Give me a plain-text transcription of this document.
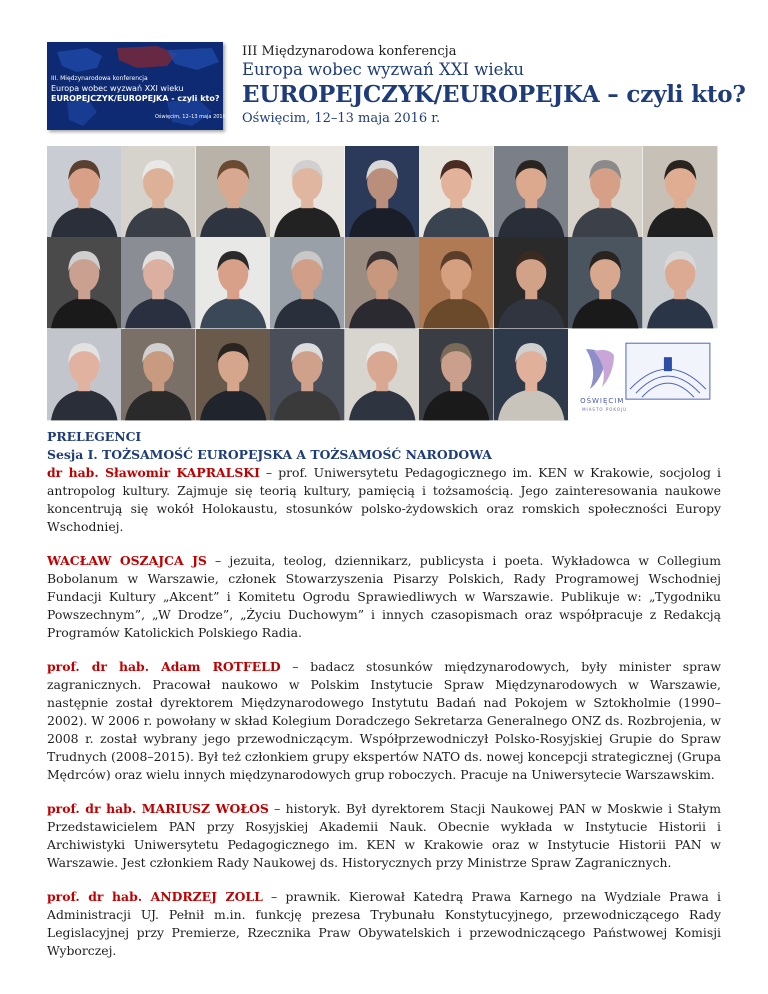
III. Międzynarodowa konferencja
Europa wobec wyzwań XXI wieku
EUROPEJCZYK/EUROPEJKA - czyli kto?
Oświęcim, 12–13 maja 2016 r.
III Międzynarodowa konferencja
Europa wobec wyzwań XXI wieku
EUROPEJCZYK/EUROPEJKA – czyli kto?
Oświęcim, 12–13 maja 2016 r.
OŚWIĘCIM
MIASTO POKOJU
PRELEGENCI
Sesja I. TOŻSAMOŚĆ EUROPEJSKA A TOŻSAMOŚĆ NARODOWA

dr hab. Sławomir KAPRALSKI – prof. Uniwersytetu Pedagogicznego im. KEN w Krakowie, socjolog i antropolog kultury. Zajmuje się teorią kultury, pamięcią i tożsamością. Jego zainteresowania naukowe koncentrują się wokół Holokaustu, stosunków polsko-żydowskich oraz romskich społeczności Europy Wschodniej.

WACŁAW OSZAJCA JS – jezuita, teolog, dziennikarz, publicysta i poeta. Wykładowca w Collegium Bobolanum w Warszawie, członek Stowarzyszenia Pisarzy Polskich, Rady Programowej Wschodniej Fundacji Kultury „Akcent” i Komitetu Ogrodu Sprawiedliwych w Warszawie. Publikuje w: „Tygodniku Powszechnym”, „W Drodze”, „Życiu Duchowym” i innych czasopismach oraz współpracuje z Redakcją Programów Katolickich Polskiego Radia.

prof. dr hab. Adam ROTFELD – badacz stosunków międzynarodowych, były minister spraw zagranicznych. Pracował naukowo w Polskim Instytucie Spraw Międzynarodowych w Warszawie, następnie został dyrektorem Międzynarodowego Instytutu Badań nad Pokojem w Sztokholmie (1990–2002). W 2006 r. powołany w skład Kolegium Doradczego Sekretarza Generalnego ONZ ds. Rozbrojenia, w 2008 r. został wybrany jego przewodniczącym. Współprzewodniczył Polsko-Rosyjskiej Grupie do Spraw Trudnych (2008–2015). Był też członkiem grupy ekspertów NATO ds. nowej koncepcji strategicznej (Grupa Mędrców) oraz wielu innych międzynarodowych grup roboczych. Pracuje na Uniwersytecie Warszawskim.

prof. dr hab. MARIUSZ WOŁOS – historyk. Był dyrektorem Stacji Naukowej PAN w Moskwie i Stałym Przedstawicielem PAN przy Rosyjskiej Akademii Nauk. Obecnie wykłada w Instytucie Historii i Archiwistyki Uniwersytetu Pedagogicznego im. KEN w Krakowie oraz w Instytucie Historii PAN w Warszawie. Jest członkiem Rady Naukowej ds. Historycznych przy Ministrze Spraw Zagranicznych.

prof. dr hab. ANDRZEJ ZOLL – prawnik. Kierował Katedrą Prawa Karnego na Wydziale Prawa i Administracji UJ. Pełnił m.in. funkcję prezesa Trybunału Konstytucyjnego, przewodniczącego Rady Legislacyjnej przy Premierze, Rzecznika Praw Obywatelskich i przewodniczącego Państwowej Komisji Wyborczej.
